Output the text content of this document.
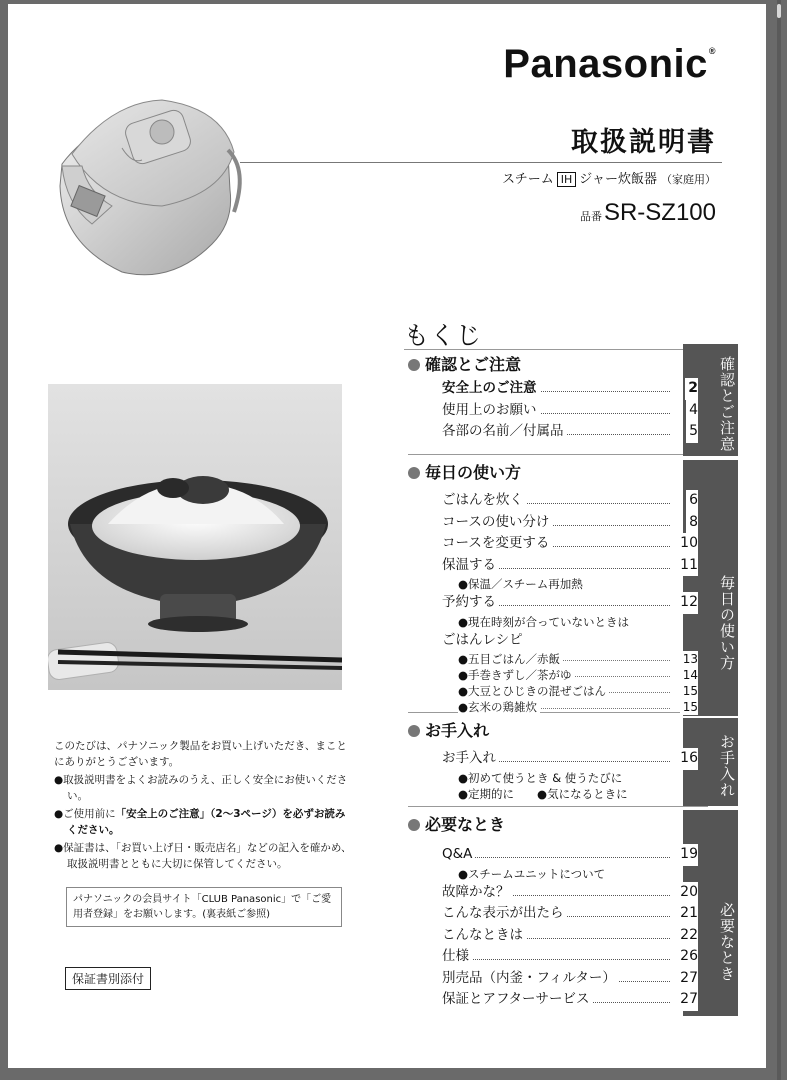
Panasonic®
取扱説明書
スチーム IH ジャー炊飯器 （家庭用）
品番SR-SZ100

このたびは、パナソニック製品をお買い上げいただき、まことにありがとうございます。

●取扱説明書をよくお読みのうえ、正しく安全にお使いください。

●ご使用前に「安全上のご注意」（2～3ページ）を必ずお読みください。

●保証書は、「お買い上げ日・販売店名」などの記入を確かめ、取扱説明書とともに大切に保管してください。

パナソニックの会員サイト「CLUB Panasonic」で「ご愛用者登録」をお願いします。(裏表紙ご参照)
保証書別添付
もくじ
確認とご注意
安全上のご注意	2
使用上のお願い	4
各部の名前／付属品	5
毎日の使い方
ごはんを炊く	6
コースの使い分け	8
コースを変更する	10
保温する	11
●保温／スチーム再加熱
予約する	12
●現在時刻が合っていないときは
ごはんレシピ
●五目ごはん／赤飯	13
●手巻きずし／茶がゆ	14
●大豆とひじきの混ぜごはん	15
●玄米の鶏雑炊	15
お手入れ
お手入れ	16
●初めて使うとき & 使うたびに
●定期的に　　●気になるときに
必要なとき
Q&A	19
●スチームユニットについて
故障かな？	20
こんな表示が出たら	21
こんなときは	22
仕様	26
別売品（内釜・フィルター）	27
保証とアフターサービス	27
確認とご注意
毎日の使い方
お手入れ
必要なとき
